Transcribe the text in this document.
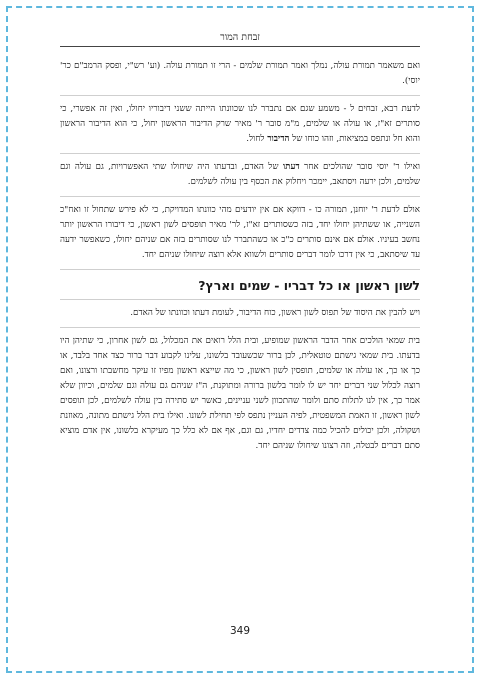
זבחת המור

ואם משאמר תמורת עולה, נמלך ואמר תמורת שלמים - הרי זו תמורת עולה. (וע' רש"י, ופסק הרמב"ם כר' יוסי).

לדעת רבא, זבחים ל - משמע שגם אם נתברר לנו שכוונתו הייתה ששני דיבוריו יחולו, ואין זה אפשרי, כי סותרים זא"ז, או עולה או שלמים, מ"מ סובר ר' מאיר שרק הדיבור הראשון יחול, כי הוא הדיבור הראשון והוא חל ונתפס במציאות, וזהו כוחו של הדיבור לחול.

ואילו ר' יוסי סובר שהולכים אחר דעתו של האדם, ובדעתו היה שיחולו שתי האפשרויות, גם עולה וגם שלמים, ולכן ירעה ויסתאב, יימכר ויחלוק את הכסף בין עולה לשלמים.

אולם לדעת ר' יוחנן, תמורה כו - דווקא אם אין יודעים מהי כוונתו המדויקת, כי לא פירש שתחול זו ואח"כ השנייה, או ששתיהן יחולו יחד, בזה כשסותרים זא"ז, לר' מאיר תופסים לשון ראשון, כי דיבורו הראשון יותר נחשב בעיניו. אולם אם אינם סותרים כ"כ או כשהתברר לנו שסותרים בזה אם שניהם יחולו, כשאפשר ידעה עד שיסתאב, כי אין דרכו לומר דברים סותרים ולשווא אלא רוצה שיחולו שניהם יחד.

לשון ראשון או כל דבריו - שמים וארץ?

ויש להבין את היסוד של תפוס לשון ראשון, כוח הדיבור, לעומת דעתו וכוונתו של האדם.

בית שמאי הולכים אחר הדבר הראשון שמופיע, ובית הלל רואים את המכלול, גם לשון אחרון, כי שתיהן היו בדעתו. בית שמאי גישתם טוטאלית, לכן ברור שכשעובד בלשונו, עלינו לקבוע דבר ברור כצד אחד בלבד, או כך או כך, או עולה או שלמים, תופסין לשון ראשון, כי מה שייצא ראשון מפיו זו עיקר מחשבתו ורצונו, ואם רוצה לכלול שני דברים יחד יש לו לומר בלשון ברורה ומתוקנת, ה"ז שניהם גם עולה וגם שלמים, וכיוון שלא אמר כך, אין לנו לתלות סתם ולומר שהתכוון לשני עניינים, כאשר יש סתירה בין עולה לשלמים, לכן תופסים לשון ראשון, זו האמת המשפטית, לפיה העניין נתפס לפי תחילת לשונו. ואילו בית הלל גישתם מתונה, מאוזנת ושקולה, ולכן יכולים להכיל כמה צדדים יחדיו, גם וגם, אף אם לא כלל כך מעיקרא בלשונו, אין אדם מוציא סתם דברים לבטלה, וזה רצונו שיחולו שניהם יחד.

349
